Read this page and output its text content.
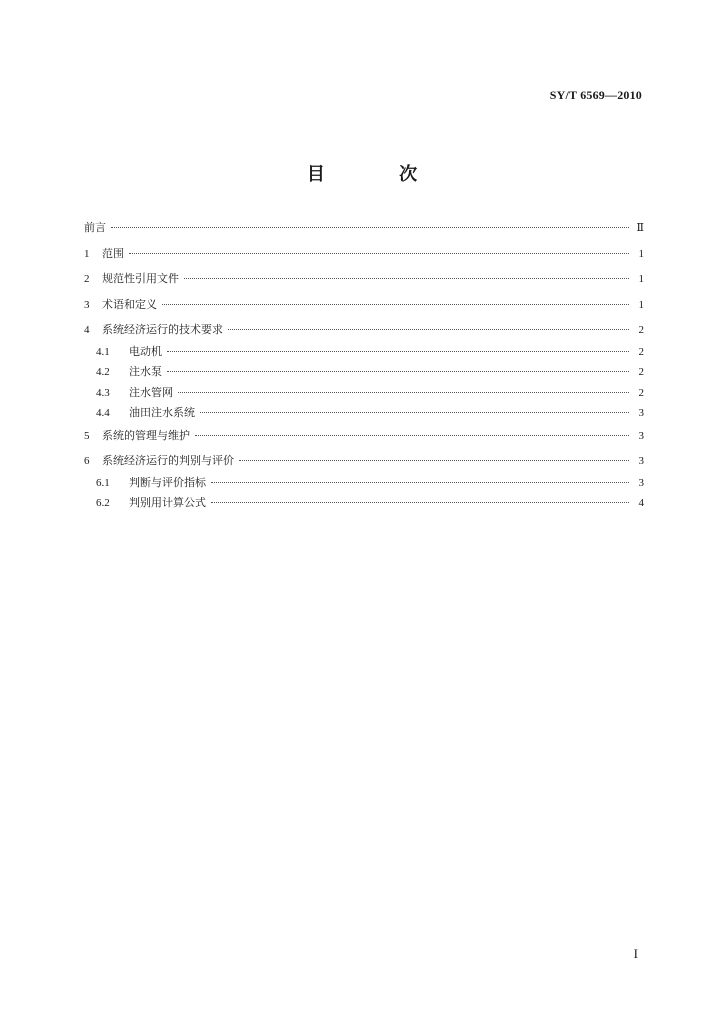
SY/T 6569—2010
目 次
前言	Ⅱ
1	范围	1
2	规范性引用文件	1
3	术语和定义	1
4	系统经济运行的技术要求	2
4.1	电动机	2
4.2	注水泵	2
4.3	注水管网	2
4.4	油田注水系统	3
5	系统的管理与维护	3
6	系统经济运行的判别与评价	3
6.1	判断与评价指标	3
6.2	判别用计算公式	4
I
